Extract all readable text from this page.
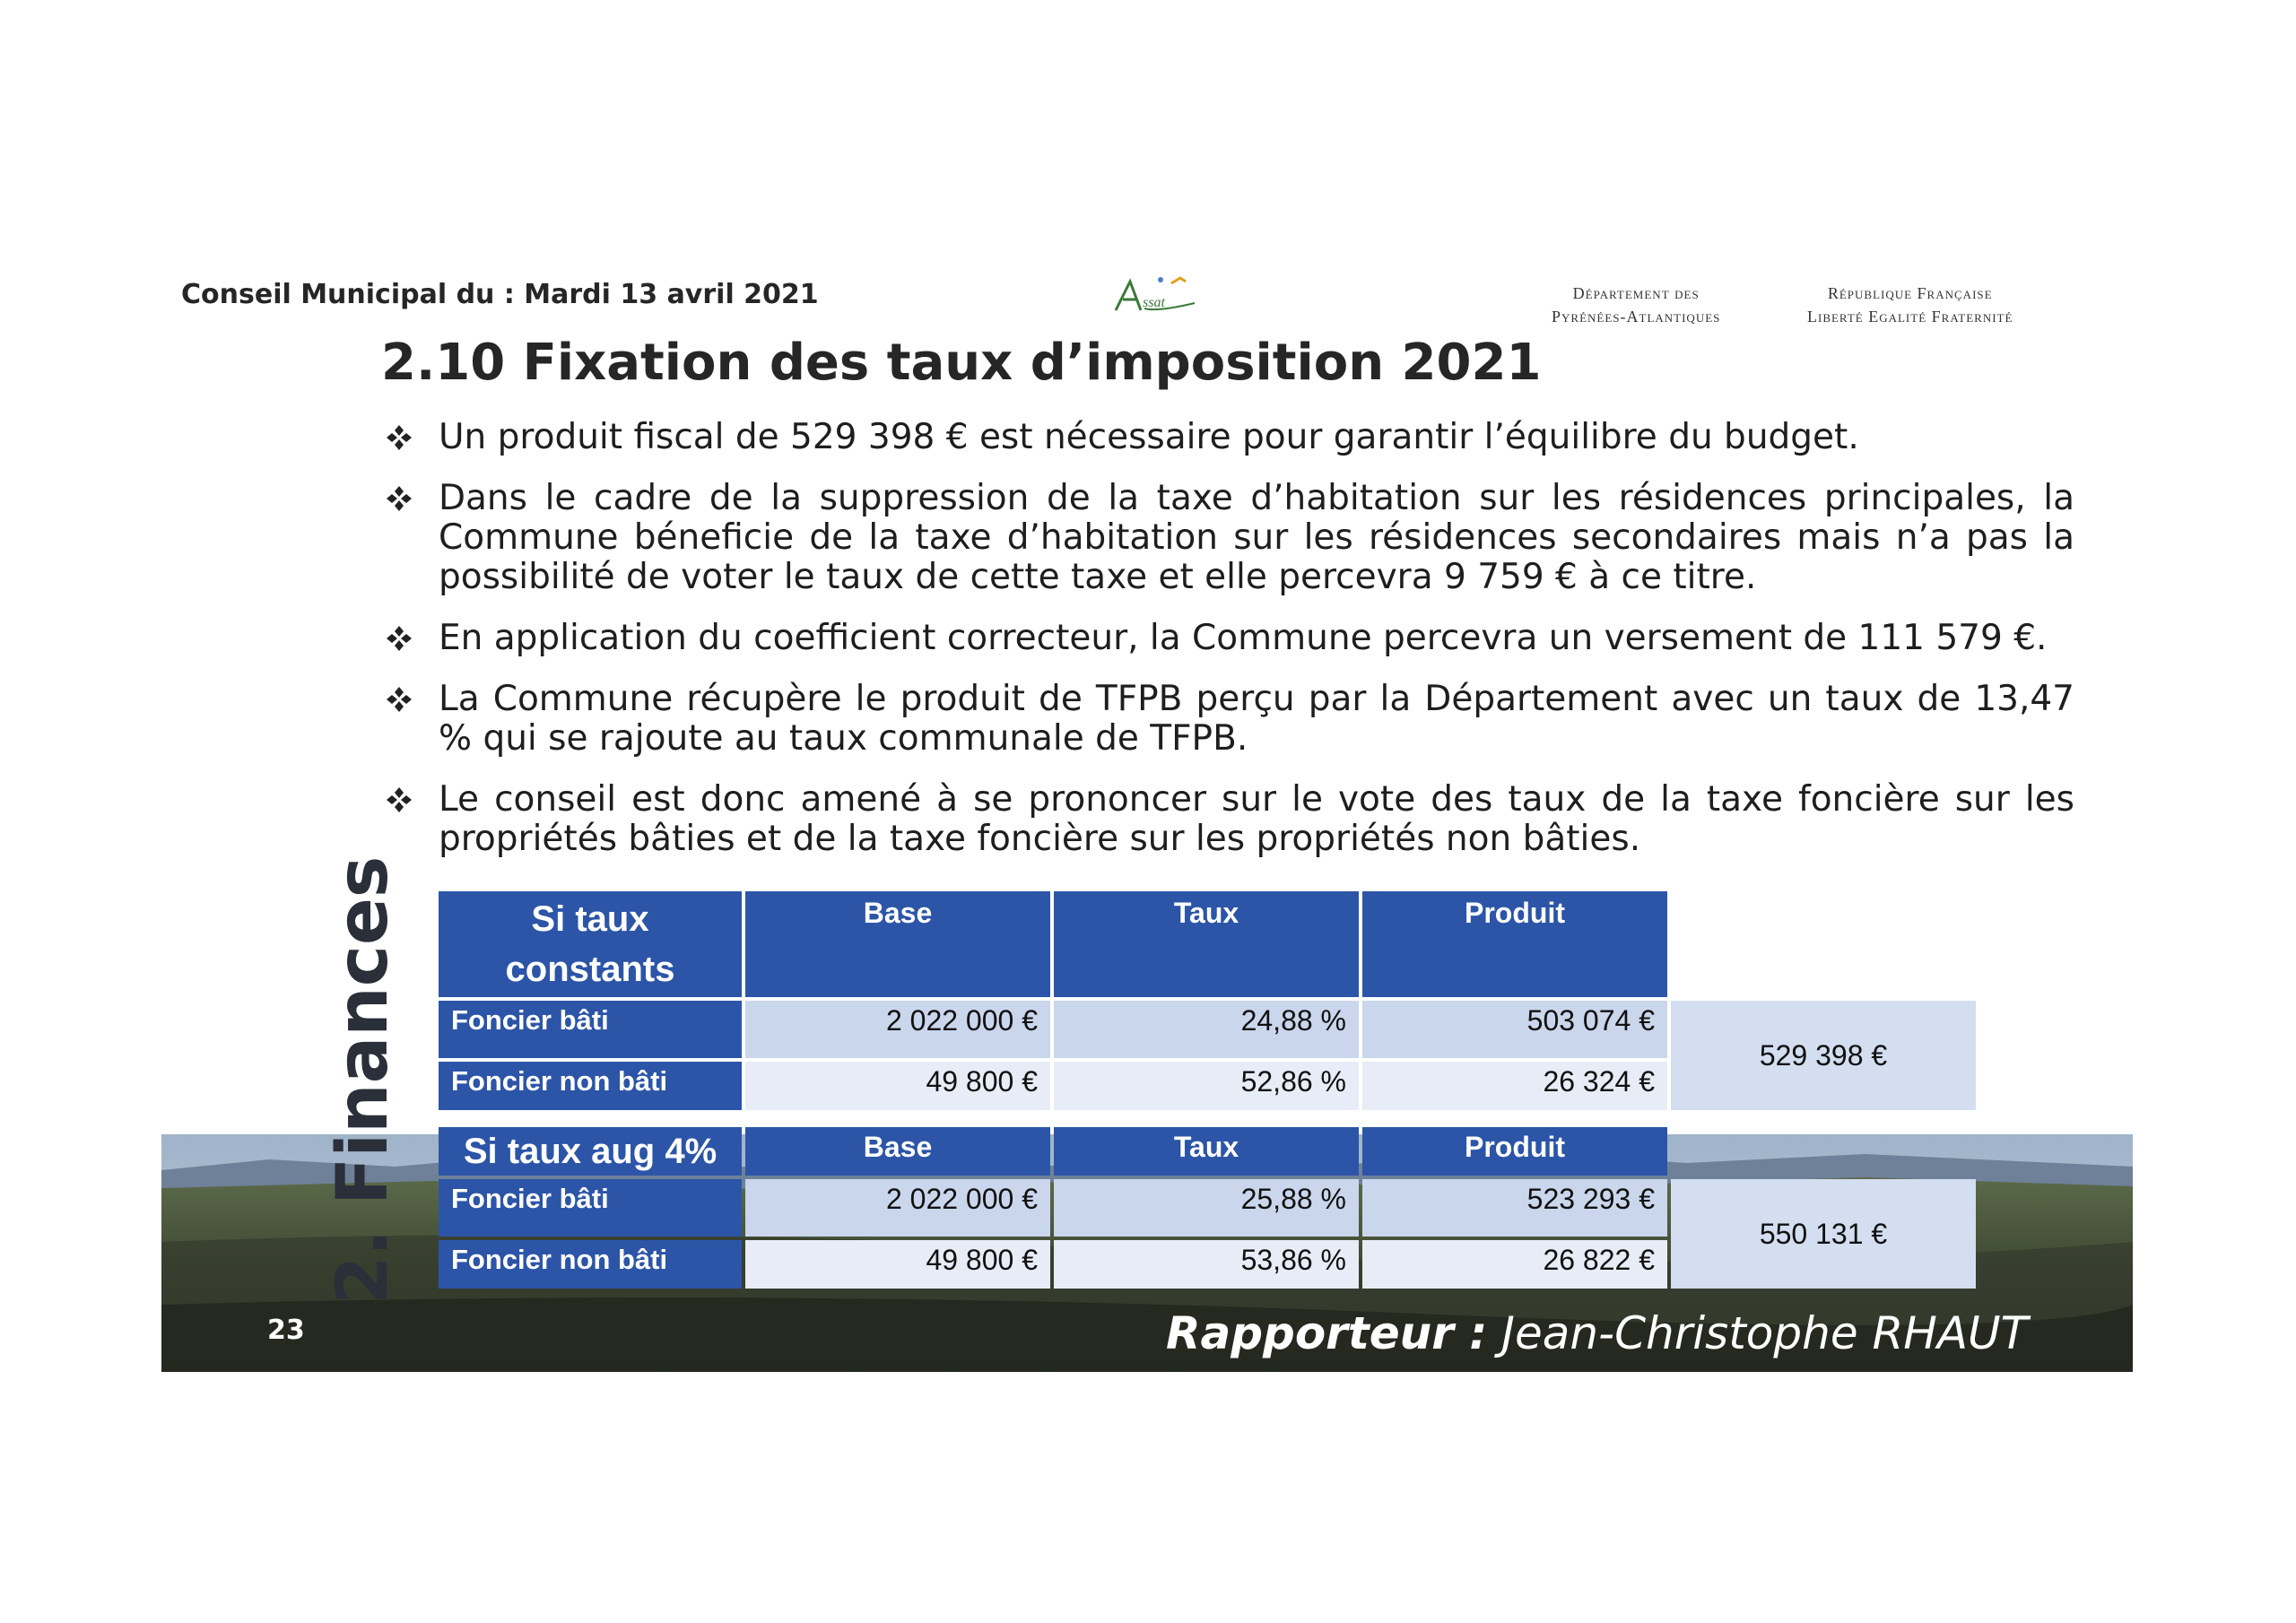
Conseil Municipal du : Mardi 13 avril 2021	ssat
Département des
Pyrénées-Atlantiques
République Française
Liberté Egalité Fraternité
2.10 Fixation des taux d’imposition 2021
Un produit fiscal de 529 398 € est nécessaire pour garantir l’équilibre du budget.
Dans le cadre de la suppression de la taxe d’habitation sur les résidences principales, la Commune béneficie de la taxe d’habitation sur les résidences secondaires mais n’a pas la possibilité de voter le taux de cette taxe et elle percevra 9 759 € à ce titre.
En application du coefficient correcteur, la Commune percevra un versement de 111 579 €.
La Commune récupère le produit de TFPB perçu par la Département avec un taux de 13,47 % qui se rajoute au taux communale de TFPB.
Le conseil est donc amené à se prononcer sur le vote des taux de la taxe foncière sur les propriétés bâties et de la taxe foncière sur les propriétés non bâties.
2. Finances	Si taux constants	Base	Taux	Produit	
Foncier bâti	2 022 000 €	24,88 %	503 074 €	529 398 €
Foncier non bâti	49 800 €	52,86 %	26 324 €	
Si taux aug 4%	Base	Taux	Produit	
Foncier bâti	2 022 000 €	25,88 %	523 293 €	550 131 €
Foncier non bâti	49 800 €	53,86 %	26 822 €	
23	Rapporteur : Jean-Christophe RHAUT
